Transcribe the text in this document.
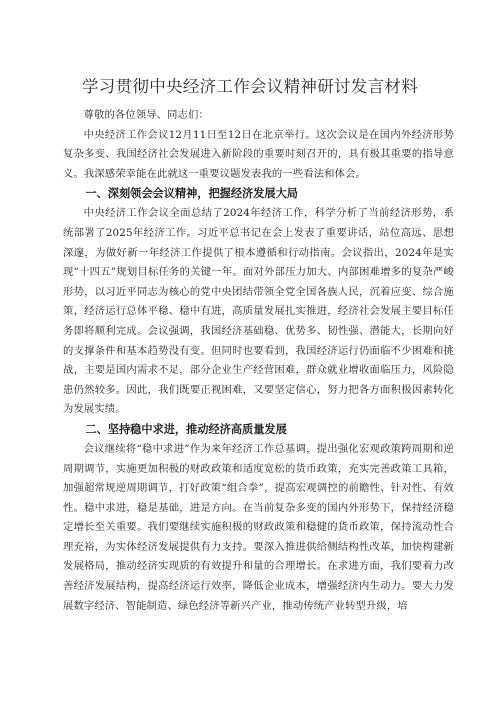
学习贯彻中央经济工作会议精神研讨发言材料

尊敬的各位领导、同志们：

中央经济工作会议12月11日至12日在北京举行。这次会议是在国内外经济形势复杂多变、我国经济社会发展进入新阶段的重要时刻召开的，具有极其重要的指导意义。我深感荣幸能在此就这一重要议题发表我的一些看法和体会。

一、深刻领会会议精神，把握经济发展大局

中央经济工作会议全面总结了2024年经济工作，科学分析了当前经济形势，系统部署了2025年经济工作。习近平总书记在会上发表了重要讲话，站位高远、思想深邃，为做好新一年经济工作提供了根本遵循和行动指南。会议指出，2024年是实现“十四五”规划目标任务的关键一年。面对外部压力加大、内部困难增多的复杂严峻形势，以习近平同志为核心的党中央团结带领全党全国各族人民，沉着应变、综合施策，经济运行总体平稳、稳中有进，高质量发展扎实推进，经济社会发展主要目标任务即将顺利完成。会议强调，我国经济基础稳、优势多、韧性强、潜能大，长期向好的支撑条件和基本趋势没有变。但同时也要看到，我国经济运行仍面临不少困难和挑战，主要是国内需求不足，部分企业生产经营困难，群众就业增收面临压力，风险隐患仍然较多。因此，我们既要正视困难，又要坚定信心，努力把各方面积极因素转化为发展实绩。

二、坚持稳中求进，推动经济高质量发展

会议继续将“稳中求进”作为来年经济工作总基调，提出强化宏观政策跨周期和逆周期调节，实施更加积极的财政政策和适度宽松的货币政策，充实完善政策工具箱，加强超常规逆周期调节，打好政策“组合拳”，提高宏观调控的前瞻性、针对性、有效性。稳中求进，稳是基础，进是方向。在当前复杂多变的国内外形势下，保持经济稳定增长至关重要。我们要继续实施积极的财政政策和稳健的货币政策，保持流动性合理充裕，为实体经济发展提供有力支持。要深入推进供给侧结构性改革，加快构建新发展格局，推动经济实现质的有效提升和量的合理增长。在求进方面，我们要着力改善经济发展结构，提高经济运行效率，降低企业成本，增强经济内生动力。要大力发展数字经济、智能制造、绿色经济等新兴产业，推动传统产业转型升级，培
